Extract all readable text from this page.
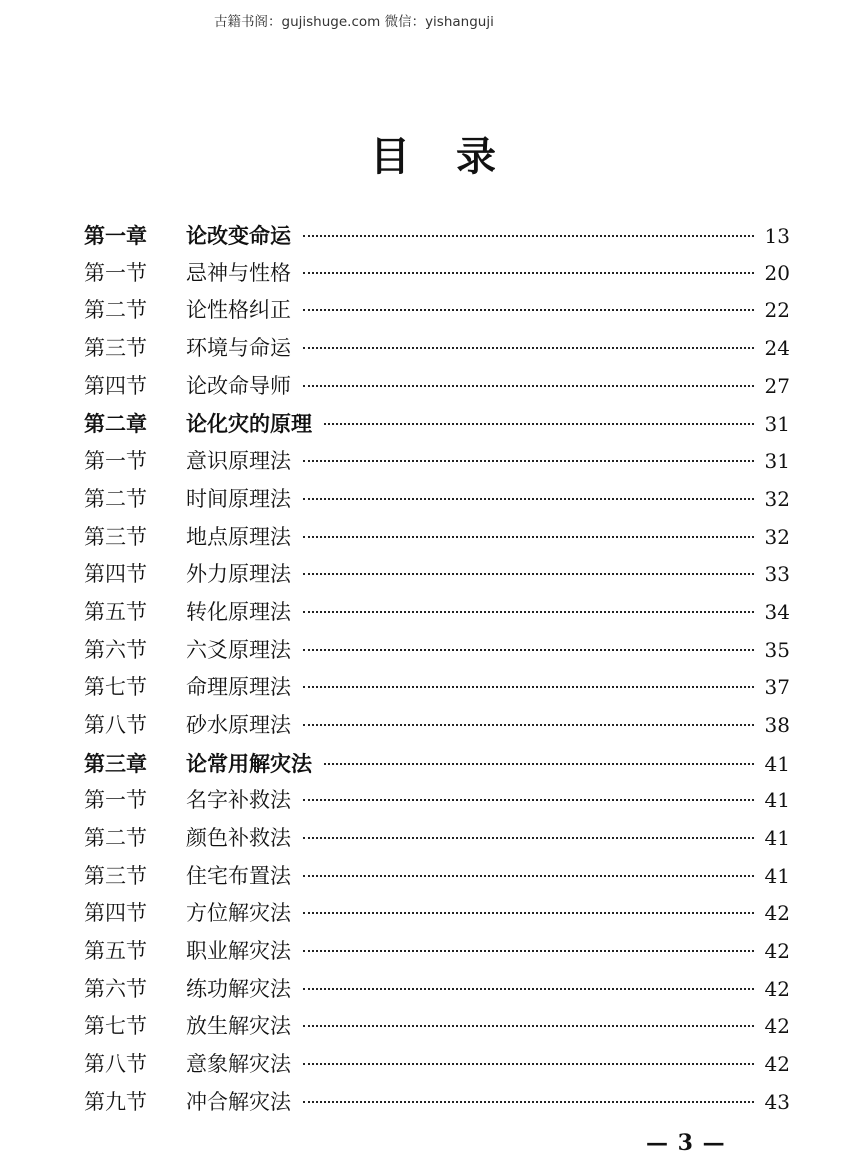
古籍书阁：gujishuge.com 微信：yishanguji
目录
第一章	论改变命运	13
第一节	忌神与性格	20
第二节	论性格纠正	22
第三节	环境与命运	24
第四节	论改命导师	27
第二章	论化灾的原理	31
第一节	意识原理法	31
第二节	时间原理法	32
第三节	地点原理法	32
第四节	外力原理法	33
第五节	转化原理法	34
第六节	六爻原理法	35
第七节	命理原理法	37
第八节	砂水原理法	38
第三章	论常用解灾法	41
第一节	名字补救法	41
第二节	颜色补救法	41
第三节	住宅布置法	41
第四节	方位解灾法	42
第五节	职业解灾法	42
第六节	练功解灾法	42
第七节	放生解灾法	42
第八节	意象解灾法	42
第九节	冲合解灾法	43
— 3 —
